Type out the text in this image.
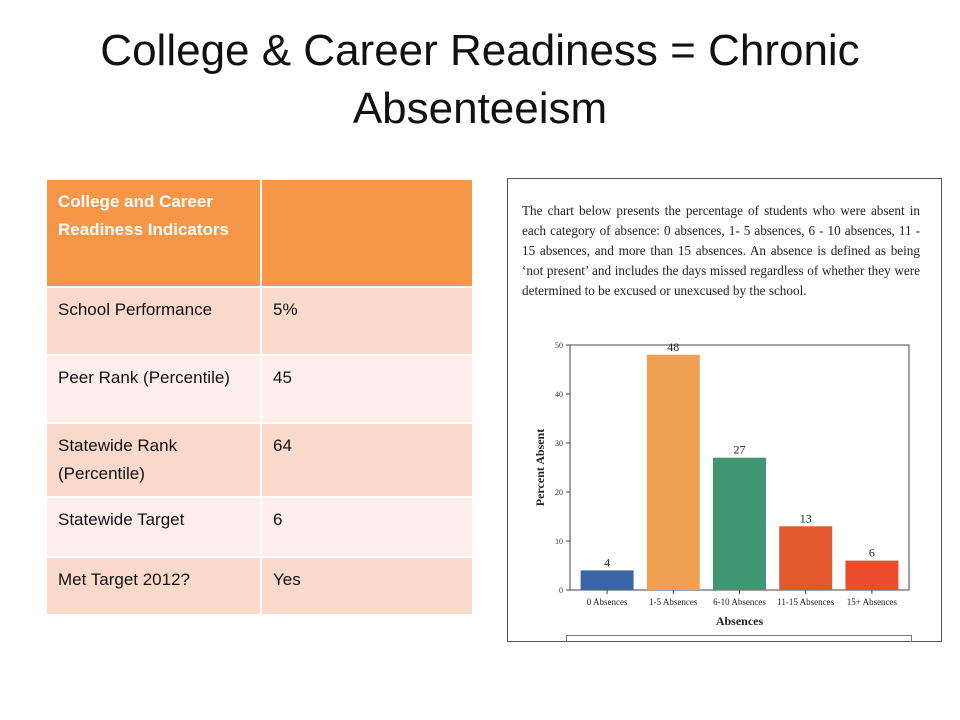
College & Career Readiness = Chronic Absenteeism
College and Career Readiness Indicators	
School Performance	5%
Peer Rank (Percentile)	45
Statewide Rank (Percentile)	64
Statewide Target	6
Met Target 2012?	Yes
The chart below presents the percentage of students who were absent in each category of absence: 0 absences, 1- 5 absences, 6 - 10 absences, 11 - 15 absences, and more than 15 absences. An absence is defined as being ‘not present’ and includes the days missed regardless of whether they were determined to be excused or unexcused by the school.
0
10
20
30
40
50
4
0 Absences
48
1-5 Absences
27
6-10 Absences
13
11-15 Absences
6
15+ Absences
Absences
Percent Absent
